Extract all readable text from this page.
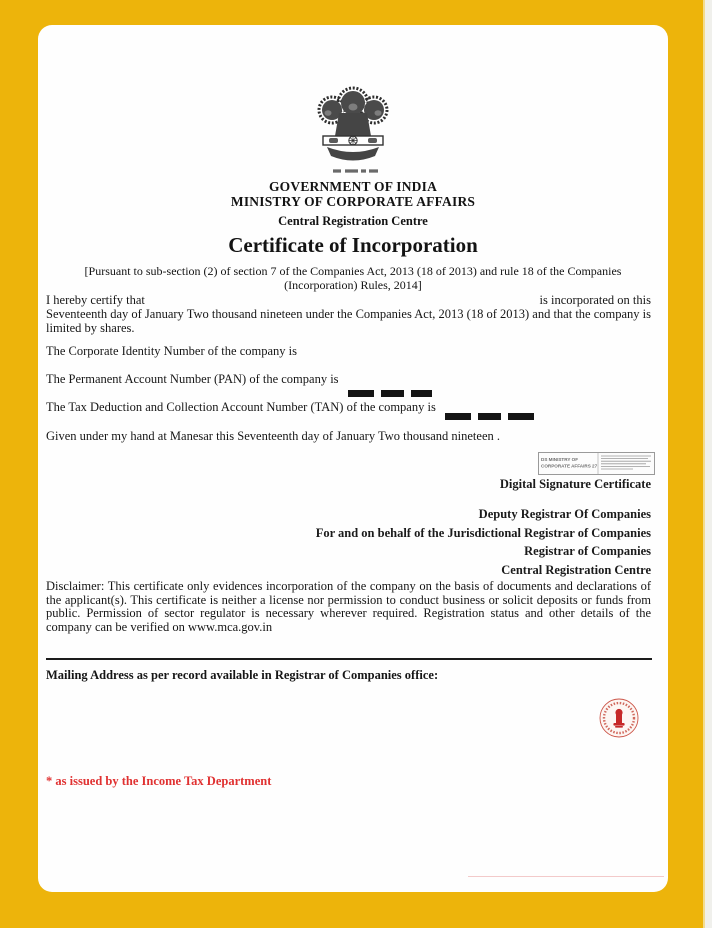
GOVERNMENT OF INDIA
MINISTRY OF CORPORATE AFFAIRS
Central Registration Centre
Certificate of Incorporation
[Pursuant to sub-section (2) of section 7 of the Companies Act, 2013 (18 of 2013) and rule 18 of the Companies
(Incorporation) Rules, 2014]
I hereby certify that	is incorporated on this
Seventeenth day of January Two thousand nineteen under the Companies Act, 2013 (18 of 2013) and that the company is limited by shares.
The Corporate Identity Number of the company is
The Permanent Account Number (PAN) of the company is
The Tax Deduction and Collection Account Number (TAN) of the company is
Given under my hand at Manesar this Seventeenth day of January Two thousand nineteen .
DS MINISTRY OF
CORPORATE AFFAIRS 27
Digital Signature Certificate
Deputy Registrar Of Companies
For and on behalf of the Jurisdictional Registrar of Companies
Registrar of Companies
Central Registration Centre
Disclaimer: This certificate only evidences incorporation of the company on the basis of documents and declarations of the applicant(s). This certificate is neither a license nor permission to conduct business or solicit deposits or funds from public. Permission of sector regulator is necessary wherever required. Registration status and other details of the company can be verified on www.mca.gov.in
Mailing Address as per record available in Registrar of Companies office:
* as issued by the Income Tax Department
